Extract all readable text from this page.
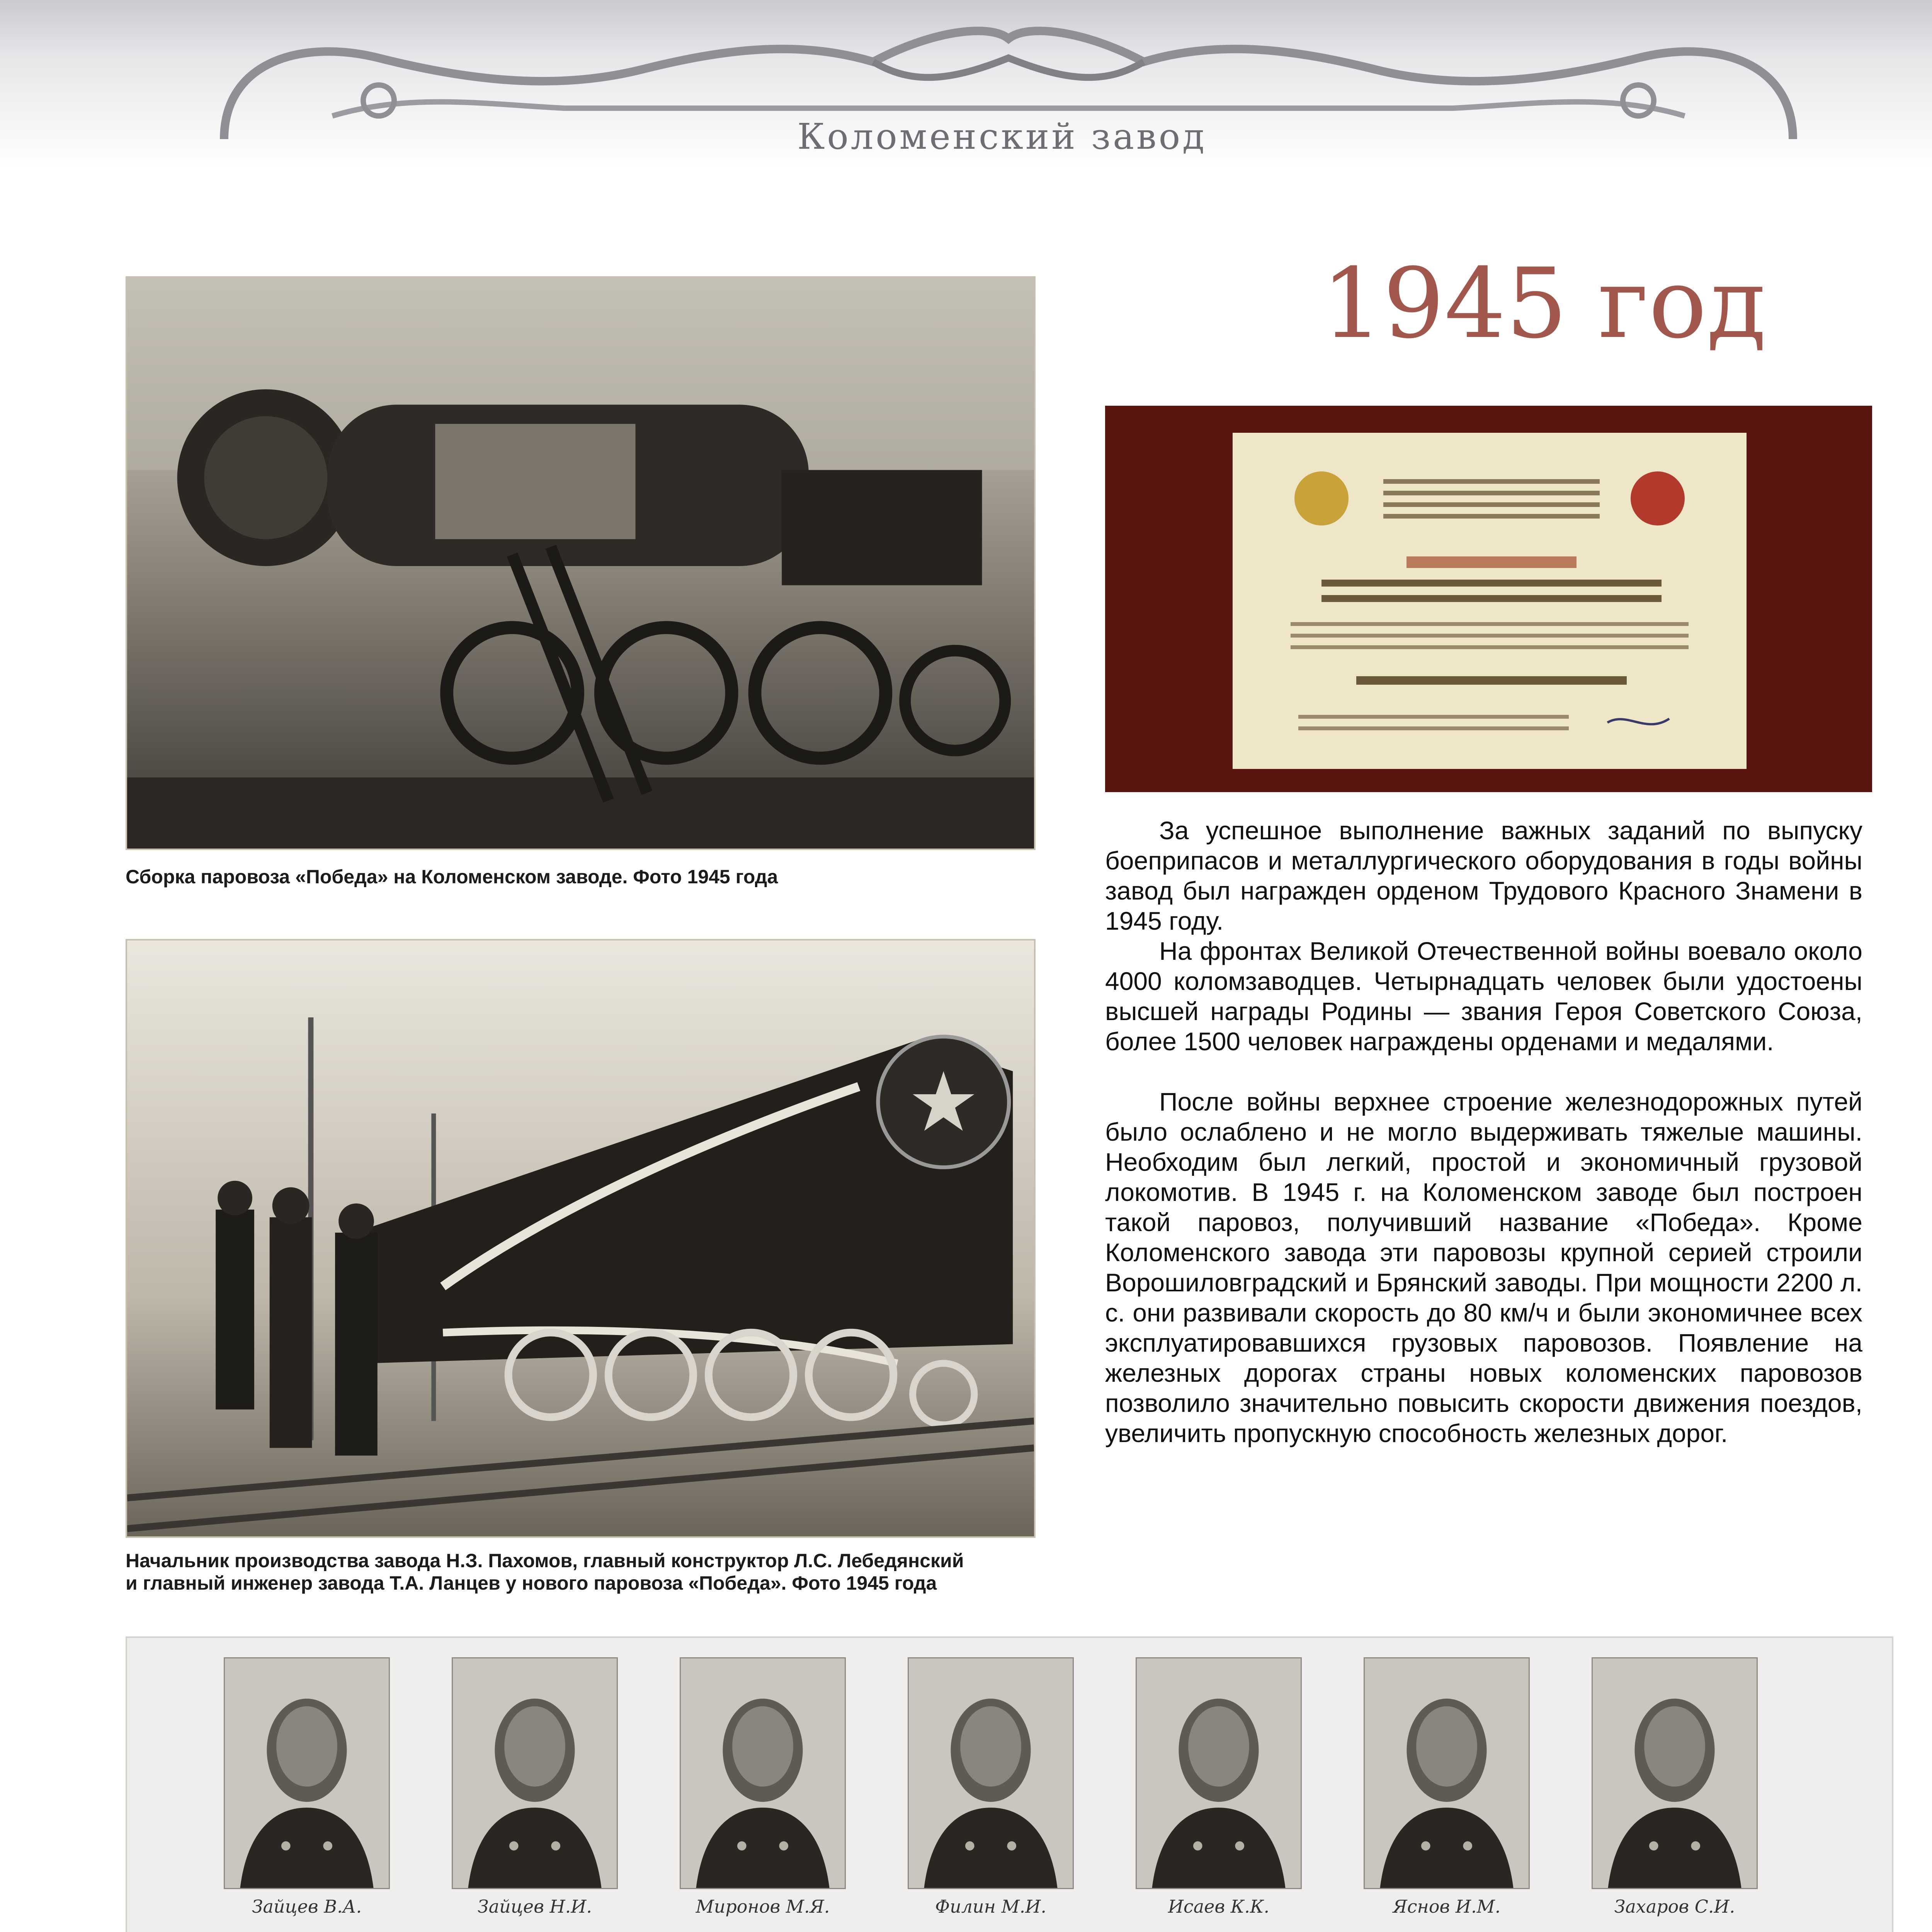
Коломенский завод
1945 год
Сборка паровоза «Победа» на Коломенском заводе. Фото 1945 года

За успешное выполнение важных заданий по выпуску боеприпасов и металлургического оборудования в годы войны завод был награжден орденом Трудового Красного Знамени в 1945 году.

На фронтах Великой Отечественной войны воевало около 4000 коломзаводцев. Четырнадцать человек были удостоены высшей награды Родины — звания Героя Советского Союза, более 1500 человек награждены орденами и медалями.

После войны верхнее строение железнодорожных путей было ослаблено и не могло выдерживать тяжелые машины. Необходим был легкий, простой и экономичный грузовой локомотив. В 1945 г. на Коломенском заводе был построен такой паровоз, получивший название «Победа». Кроме Коломенского завода эти паровозы крупной серией строили Ворошиловградский и Брянский заводы. При мощности 2200 л. с. они развивали скорость до 80 км/ч и были экономичнее всех эксплуатировавшихся грузовых паровозов. Появление на железных дорогах страны новых коломенских паровозов позволило значительно повысить скорости движения поездов, увеличить пропускную способность железных дорог.

Начальник производства завода Н.З. Пахомов, главный конструктор Л.С. Лебедянский
и главный инженер завода Т.А. Ланцев у нового паровоза «Победа». Фото 1945 года
Зайцев В.А.	Зайцев Н.И.	Миронов М.Я.	Филин М.И.	Исаев К.К.	Яснов И.М.	Захаров С.И.
